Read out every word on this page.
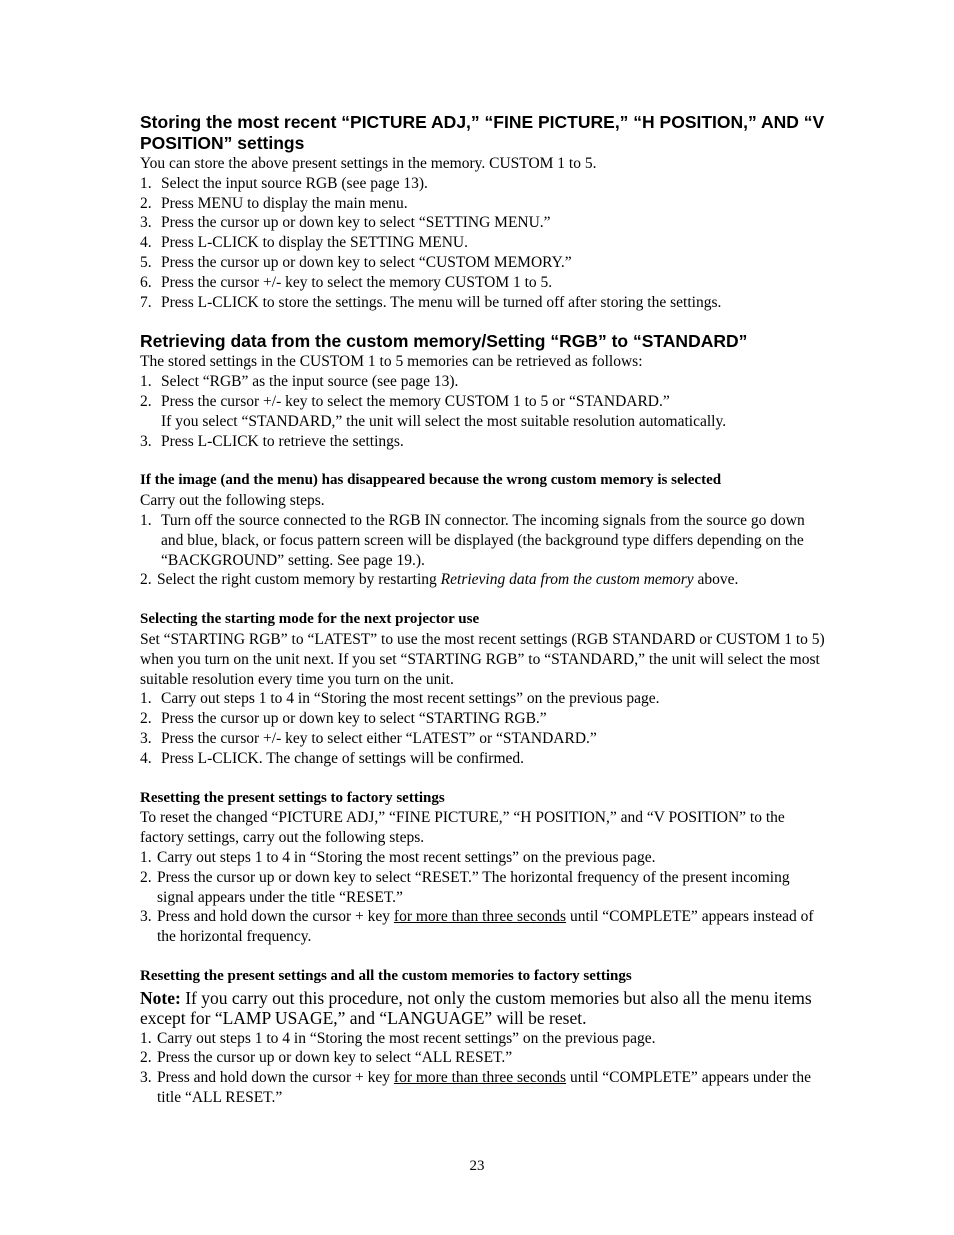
Storing the most recent “PICTURE ADJ,” “FINE PICTURE,” “H POSITION,” AND “V POSITION” settings
You can store the above present settings in the memory. CUSTOM 1 to 5.
1. Select the input source RGB (see page 13).
2. Press MENU to display the main menu.
3. Press the cursor up or down key to select “SETTING MENU.”
4. Press L-CLICK to display the SETTING MENU.
5. Press the cursor up or down key to select “CUSTOM MEMORY.”
6. Press the cursor +/- key to select the memory CUSTOM 1 to 5.
7. Press L-CLICK to store the settings. The menu will be turned off after storing the settings.
Retrieving data from the custom memory/Setting “RGB” to “STANDARD”
The stored settings in the CUSTOM 1 to 5 memories can be retrieved as follows:
1. Select “RGB” as the input source (see page 13).
2. Press the cursor +/- key to select the memory CUSTOM 1 to 5 or “STANDARD.”
If you select “STANDARD,” the unit will select the most suitable resolution automatically.
3. Press L-CLICK to retrieve the settings.
If the image (and the menu) has disappeared because the wrong custom memory is selected
Carry out the following steps.
1. Turn off the source connected to the RGB IN connector. The incoming signals from the source go down and blue, black, or focus pattern screen will be displayed (the background type differs depending on the “BACKGROUND” setting. See page 19.).
2. Select the right custom memory by restarting Retrieving data from the custom memory above.
Selecting the starting mode for the next projector use
Set “STARTING RGB” to “LATEST” to use the most recent settings (RGB STANDARD or CUSTOM 1 to 5) when you turn on the unit next. If you set “STARTING RGB” to “STANDARD,” the unit will select the most suitable resolution every time you turn on the unit.
1. Carry out steps 1 to 4 in “Storing the most recent settings” on the previous page.
2. Press the cursor up or down key to select “STARTING RGB.”
3. Press the cursor +/- key to select either “LATEST” or “STANDARD.”
4. Press L-CLICK. The change of settings will be confirmed.
Resetting the present settings to factory settings
To reset the changed “PICTURE ADJ,” “FINE PICTURE,” “H POSITION,” and “V POSITION” to the factory settings, carry out the following steps.
1. Carry out steps 1 to 4 in “Storing the most recent settings” on the previous page.
2. Press the cursor up or down key to select “RESET.” The horizontal frequency of the present incoming signal appears under the title “RESET.”
3. Press and hold down the cursor + key for more than three seconds until “COMPLETE” appears instead of the horizontal frequency.
Resetting the present settings and all the custom memories to factory settings
Note: If you carry out this procedure, not only the custom memories but also all the menu items except for “LAMP USAGE,” and “LANGUAGE” will be reset.
1. Carry out steps 1 to 4 in “Storing the most recent settings” on the previous page.
2. Press the cursor up or down key to select “ALL RESET.”
3. Press and hold down the cursor + key for more than three seconds until “COMPLETE” appears under the title “ALL RESET.”
23
